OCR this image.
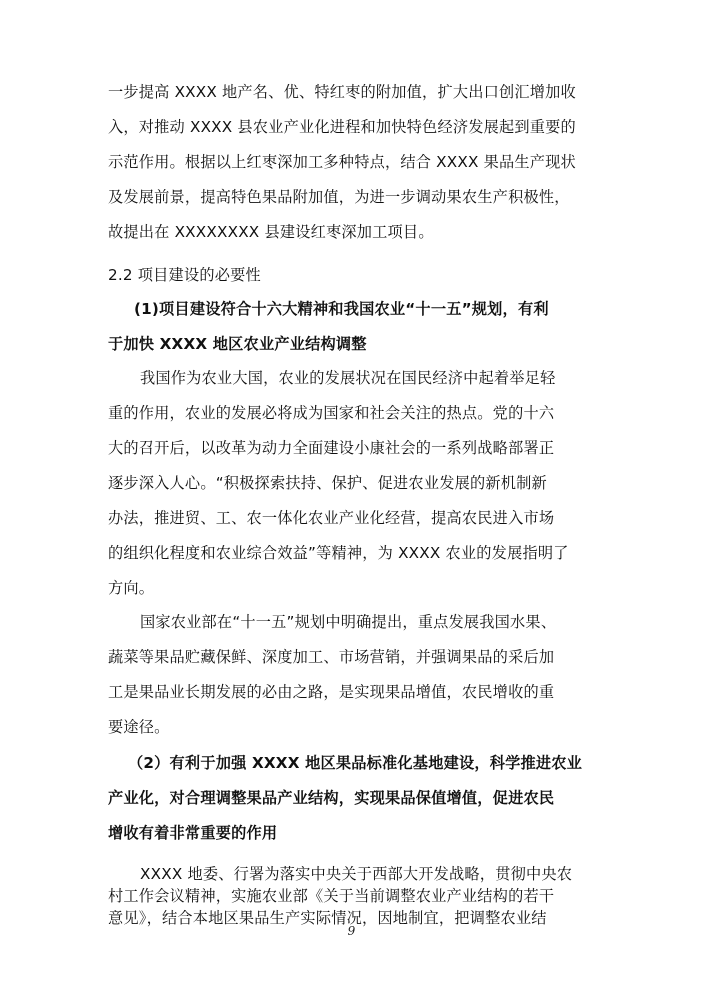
一步提高 XXXX 地产名、优、特红枣的附加值，扩大出口创汇增加收
入，对推动 XXXX 县农业产业化进程和加快特色经济发展起到重要的
示范作用。根据以上红枣深加工多种特点，结合 XXXX 果品生产现状
及发展前景，提高特色果品附加值，为进一步调动果农生产积极性，
故提出在 XXXXXXXX 县建设红枣深加工项目。
2.2 项目建设的必要性
(1)项目建设符合十六大精神和我国农业“十一五”规划，有利
于加快 XXXX 地区农业产业结构调整
我国作为农业大国，农业的发展状况在国民经济中起着举足轻
重的作用，农业的发展必将成为国家和社会关注的热点。党的十六
大的召开后，以改革为动力全面建设小康社会的一系列战略部署正
逐步深入人心。“积极探索扶持、保护、促进农业发展的新机制新
办法，推进贸、工、农一体化农业产业化经营，提高农民进入市场
的组织化程度和农业综合效益”等精神，为 XXXX 农业的发展指明了
方向。
国家农业部在“十一五”规划中明确提出，重点发展我国水果、
蔬菜等果品贮藏保鲜、深度加工、市场营销，并强调果品的采后加
工是果品业长期发展的必由之路，是实现果品增值，农民增收的重
要途径。
（2）有利于加强 XXXX 地区果品标准化基地建设，科学推进农业
产业化，对合理调整果品产业结构，实现果品保值增值，促进农民
增收有着非常重要的作用
XXXX 地委、行署为落实中央关于西部大开发战略，贯彻中央农
村工作会议精神，实施农业部《关于当前调整农业产业结构的若干
意见》，结合本地区果品生产实际情况，因地制宜，把调整农业结
9
